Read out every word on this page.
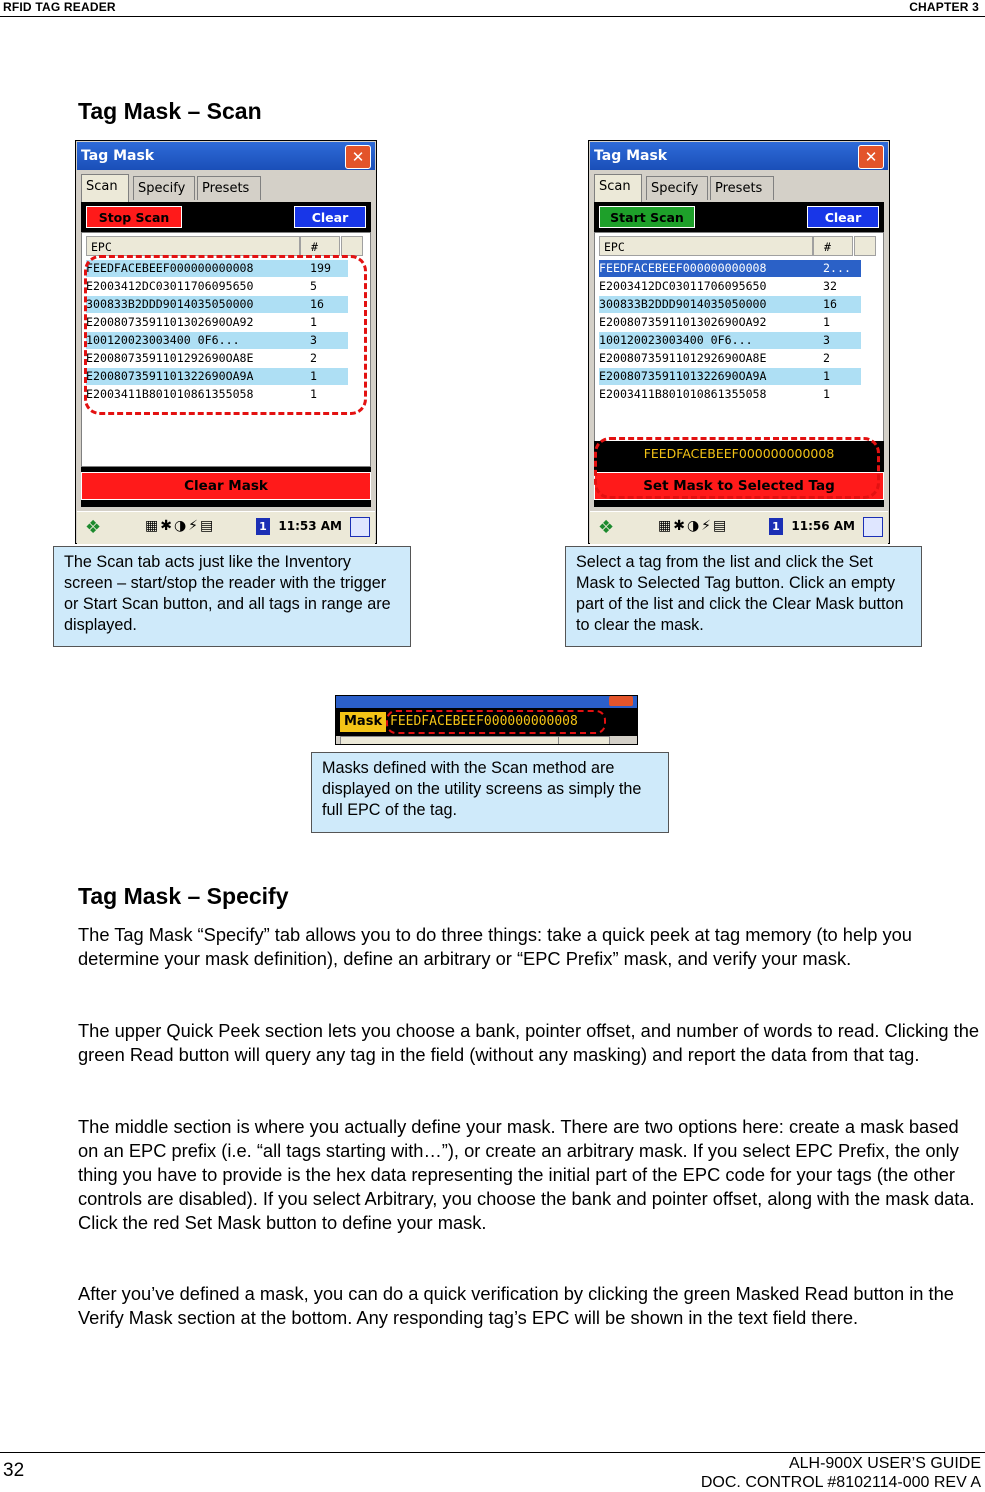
RFID TAG READER	CHAPTER 3
Tag Mask – Scan
Tag Mask	✕
Scan	Specify	Presets
Stop Scan	Clear
EPC	#
FEEDFACEBEEF000000000008	199
E2003412DC03011706095650	5
300833B2DDD9014035050000	16
E2008073591101302690OA92	1
100120023003400 0F6...	3
E2008073591101292690OA8E	2
E2008073591101322690OA9A	1
E2003411B801010861355058	1
Clear Mask
❖	▦✱◑⚡▤	1 11:53 AM
Tag Mask	✕
Scan	Specify	Presets
Start Scan	Clear
EPC	#
FEEDFACEBEEF000000000008	2...
E2003412DC03011706095650	32
300833B2DDD9014035050000	16
E2008073591101302690OA92	1
100120023003400 0F6...	3
E2008073591101292690OA8E	2
E2008073591101322690OA9A	1
E2003411B801010861355058	1
FEEDFACEBEEF000000000008
Set Mask to Selected Tag
❖	▦✱◑⚡▤	1 11:56 AM
The Scan tab acts just like the Inventory screen – start/stop the reader with the trigger or Start Scan button, and all tags in range are displayed.
Select a tag from the list and click the Set Mask to Selected Tag button. Click an empty part of the list and click the Clear Mask button to clear the mask.
Mask FEEDFACEBEEF000000000008
Masks defined with the Scan method are displayed on the utility screens as simply the full EPC of the tag.
Tag Mask – Specify

The Tag Mask “Specify” tab allows you to do three things: take a quick peek at tag memory (to help you determine your mask definition), define an arbitrary or “EPC Prefix” mask, and verify your mask.

The upper Quick Peek section lets you choose a bank, pointer offset, and number of words to read. Clicking the green Read button will query any tag in the field (without any masking) and report the data from that tag.

The middle section is where you actually define your mask. There are two options here: create a mask based on an EPC prefix (i.e. “all tags starting with…”), or create an arbitrary mask. If you select EPC Prefix, the only thing you have to provide is the hex data representing the initial part of the EPC code for your tags (the other controls are disabled). If you select Arbitrary, you choose the bank and pointer offset, along with the mask data. Click the red Set Mask button to define your mask.

After you’ve defined a mask, you can do a quick verification by clicking the green Masked Read button in the Verify Mask section at the bottom. Any responding tag’s EPC will be shown in the text field there.

32	ALH-900X USER’S GUIDE
DOC. CONTROL #8102114-000 REV A
